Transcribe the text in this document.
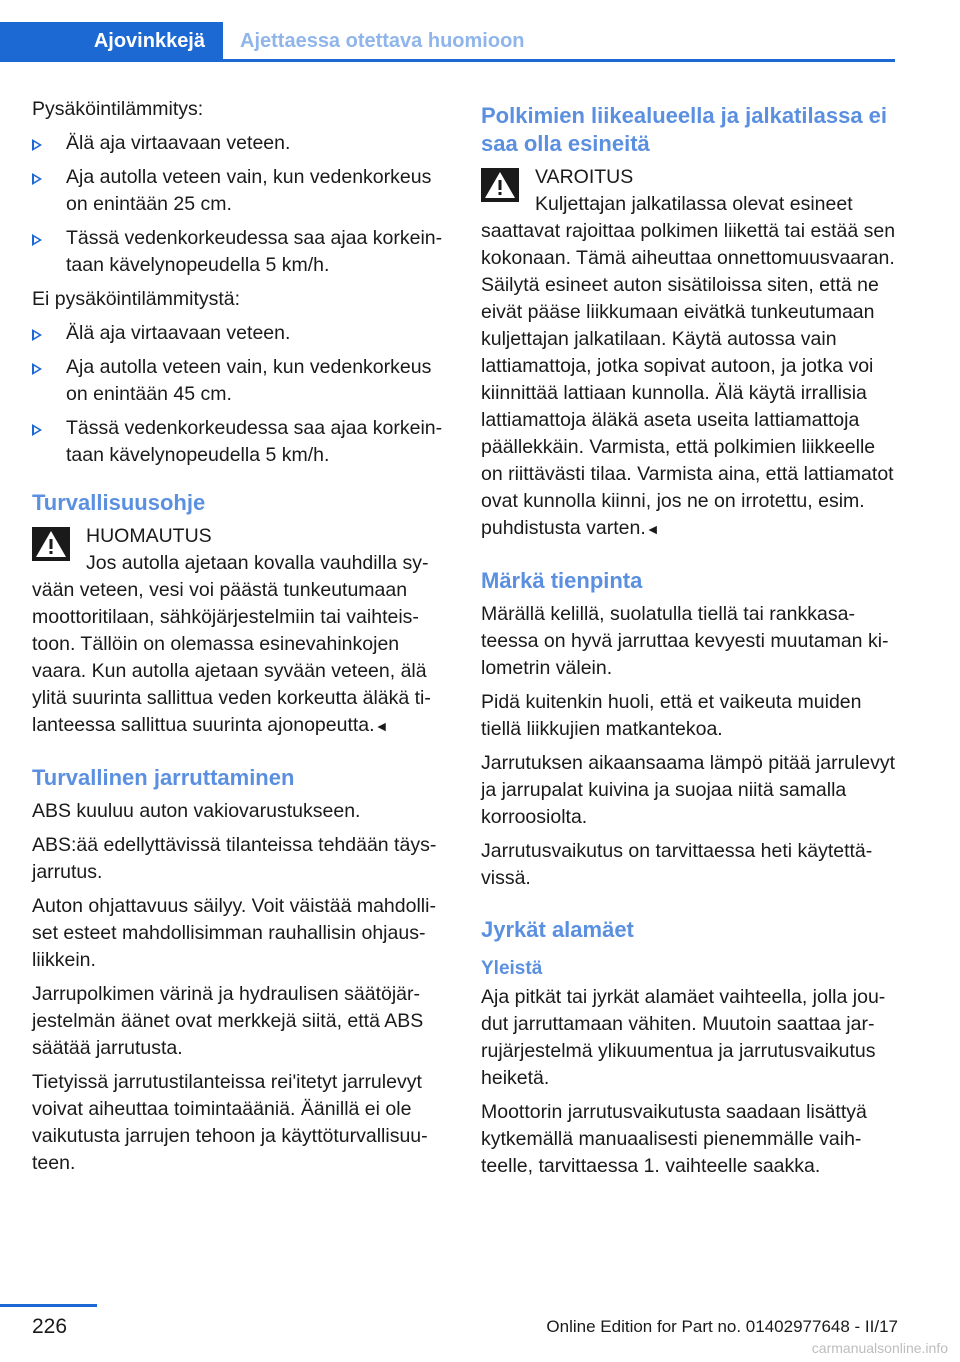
Ajovinkkejä	Ajettaessa otettava huomioon

Pysäköintilämmitys:

Älä aja virtaavaan veteen.
Aja autolla veteen vain, kun vedenkorkeus on enintään 25 cm.
Tässä vedenkorkeudessa saa ajaa korkeintaan kävelynopeudella 5 km/h.

Ei pysäköintilämmitystä:

Älä aja virtaavaan veteen.
Aja autolla veteen vain, kun vedenkorkeus on enintään 45 cm.
Tässä vedenkorkeudessa saa ajaa korkeintaan kävelynopeudella 5 km/h.
Turvallisuusohje
HUOMAUTUS
Jos autolla ajetaan kovalla vauhdilla syvään veteen, vesi voi päästä tunkeutumaan moottoritilaan, sähköjärjestelmiin tai vaihteistoon. Tällöin on olemassa esinevahinkojen vaara. Kun autolla ajetaan syvään veteen, älä ylitä suurinta sallittua veden korkeutta äläkä tilanteessa sallittua suurinta ajonopeutta.◄
Turvallinen jarruttaminen

ABS kuuluu auton vakiovarustukseen.

ABS:ää edellyttävissä tilanteissa tehdään täysjarrutus.

Auton ohjattavuus säilyy. Voit väistää mahdolliset esteet mahdollisimman rauhallisin ohjausliikkein.

Jarrupolkimen värinä ja hydraulisen säätöjärjestelmän äänet ovat merkkejä siitä, että ABS säätää jarrutusta.

Tietyissä jarrutustilanteissa rei'itetyt jarrulevyt voivat aiheuttaa toimintaääniä. Äänillä ei ole vaikutusta jarrujen tehoon ja käyttöturvallisuuteen.

Polkimien liikealueella ja jalkatilassa ei saa olla esineitä
VAROITUS
Kuljettajan jalkatilassa olevat esineet saattavat rajoittaa polkimen liikettä tai estää sen kokonaan. Tämä aiheuttaa onnettomuusvaaran. Säilytä esineet auton sisätiloissa siten, että ne eivät pääse liikkumaan eivätkä tunkeutumaan kuljettajan jalkatilaan. Käytä autossa vain lattiamattoja, jotka sopivat autoon, ja jotka voi kiinnittää lattiaan kunnolla. Älä käytä irrallisia lattiamattoja äläkä aseta useita lattiamattoja päällekkäin. Varmista, että polkimien liikkeelle on riittävästi tilaa. Varmista aina, että lattiamatot ovat kunnolla kiinni, jos ne on irrotettu, esim. puhdistusta varten.◄
Märkä tienpinta

Märällä kelillä, suolatulla tiellä tai rankkasateessa on hyvä jarruttaa kevyesti muutaman kilometrin välein.

Pidä kuitenkin huoli, että et vaikeuta muiden tiellä liikkujien matkantekoa.

Jarrutuksen aikaansaama lämpö pitää jarrulevyt ja jarrupalat kuivina ja suojaa niitä samalla korroosiolta.

Jarrutusvaikutus on tarvittaessa heti käytettävissä.

Jyrkät alamäet
Yleistä

Aja pitkät tai jyrkät alamäet vaihteella, jolla joudut jarruttamaan vähiten. Muutoin saattaa jarrujärjestelmä ylikuumentua ja jarrutusvaikutus heiketä.

Moottorin jarrutusvaikutusta saadaan lisättyä kytkemällä manuaalisesti pienemmälle vaihteelle, tarvittaessa 1. vaihteelle saakka.

226	Online Edition for Part no. 01402977648 - II/17
carmanualsonline.info
